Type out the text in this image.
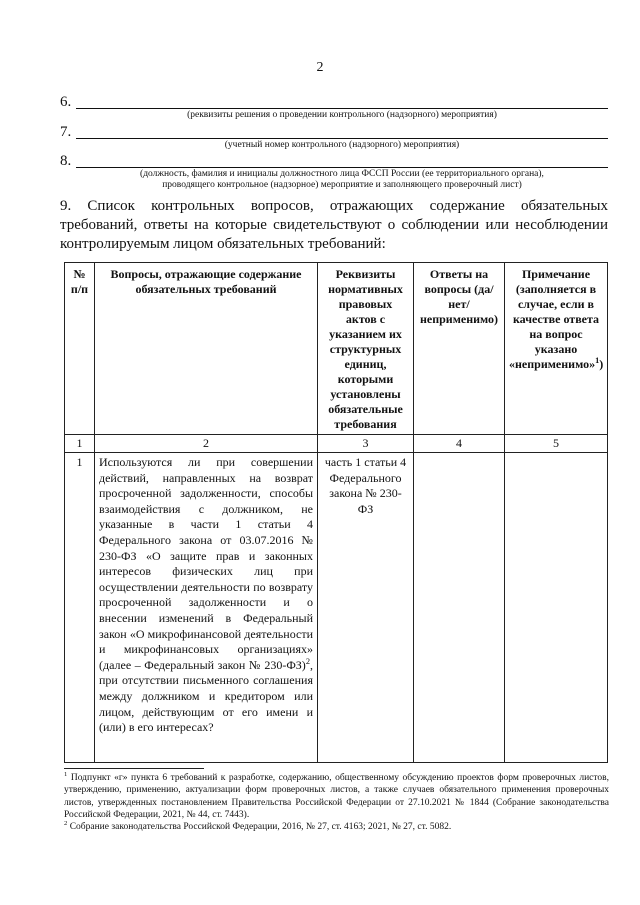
2
6.
(реквизиты решения о проведении контрольного (надзорного) мероприятия)
7.
(учетный номер контрольного (надзорного) мероприятия)
8.
(должность, фамилия и инициалы должностного лица ФССП России (ее территориального органа), проводящего контрольное (надзорное) мероприятие и заполняющего проверочный лист)
9. Список контрольных вопросов, отражающих содержание обязательных требований, ответы на которые свидетельствуют о соблюдении или несоблюдении контролируемым лицом обязательных требований:
№ п/п	Вопросы, отражающие содержание обязательных требований	Реквизиты нормативных правовых актов с указанием их структурных единиц, которыми установлены обязательные требования	Ответы на вопросы (да/нет/ неприменимо)	Примечание (заполняется в случае, если в качестве ответа на вопрос указано «неприменимо»$^1$)
1	2	3	4	5
1	Используются ли при совершении действий, направленных на возврат просроченной задолженности, способы взаимодействия с должником, не указанные в части 1 статьи 4 Федерального закона от 03.07.2016 № 230-ФЗ «О защите прав и законных интересов физических лиц при осуществлении деятельности по возврату просроченной задолженности и о внесении изменений в Федеральный закон «О микрофинансовой деятельности и микрофинансовых организациях» (далее – Федеральный закон № 230-ФЗ)$^2$, при отсутствии письменного соглашения между должником и кредитором или лицом, действующим от его имени и (или) в его интересах?	часть 1 статьи 4 Федерального закона № 230-ФЗ		

$^1$ Подпункт «г» пункта 6 требований к разработке, содержанию, общественному обсуждению проектов форм проверочных листов, утверждению, применению, актуализации форм проверочных листов, а также случаев обязательного применения проверочных листов, утвержденных постановлением Правительства Российской Федерации от 27.10.2021 № 1844 (Собрание законодательства Российской Федерации, 2021, № 44, ст. 7443).

$^2$ Собрание законодательства Российской Федерации, 2016, № 27, ст. 4163; 2021, № 27, ст. 5082.
